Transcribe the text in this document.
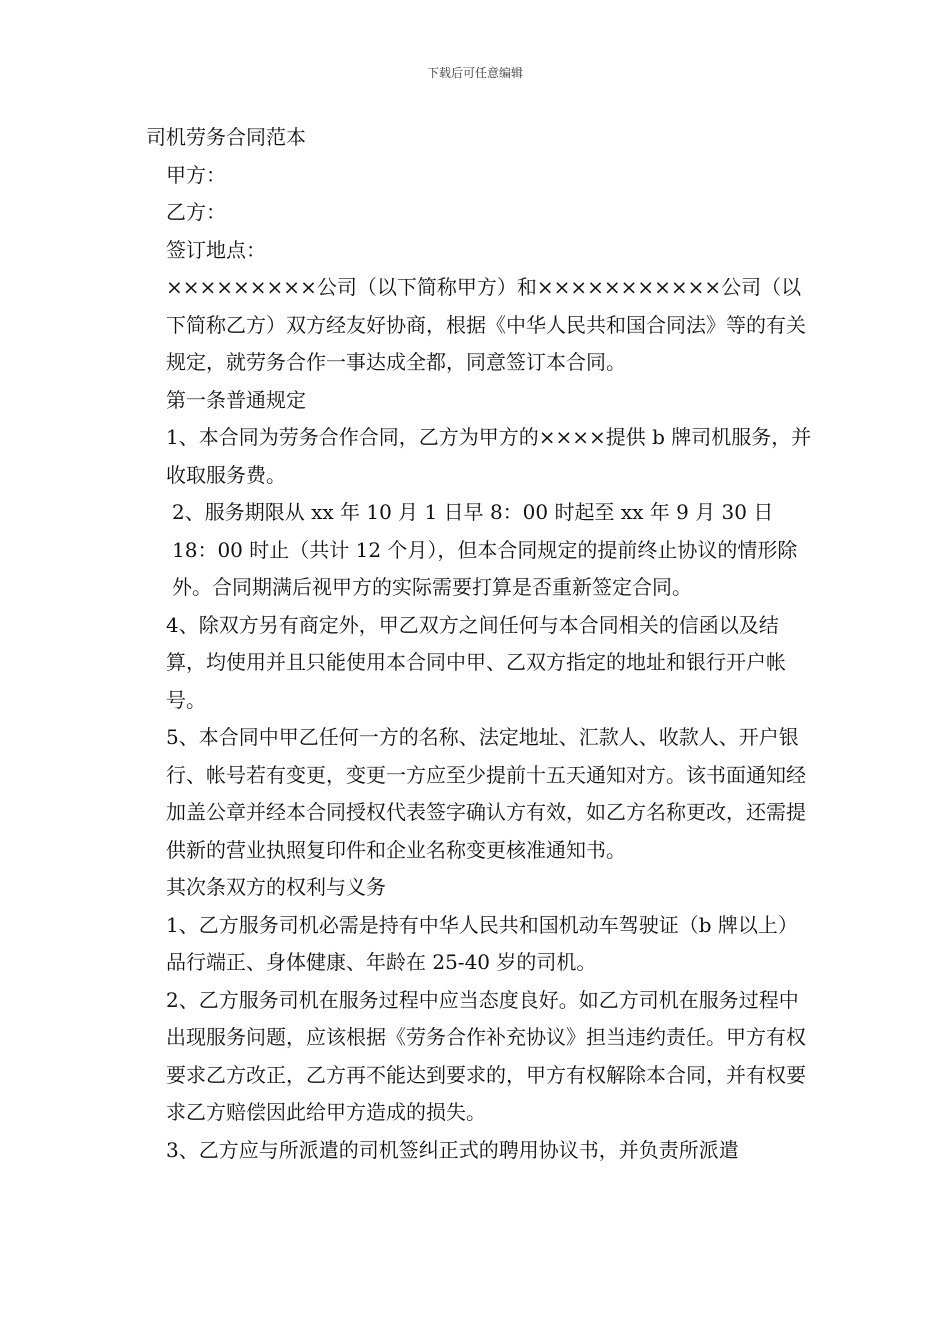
下载后可任意编辑

司机劳务合同范本

甲方：

乙方：

签订地点：

×××××××××公司（以下简称甲方）和×××××××××××公司（以下简称乙方）双方经友好协商，根据《中华人民共和国合同法》等的有关规定，就劳务合作一事达成全都，同意签订本合同。

第一条普通规定

1、本合同为劳务合作合同，乙方为甲方的××××提供 b 牌司机服务，并收取服务费。

2、服务期限从 xx 年 10 月 1 日早 8：00 时起至 xx 年 9 月 30 日 18：00 时止（共计 12 个月），但本合同规定的提前终止协议的情形除外。合同期满后视甲方的实际需要打算是否重新签定合同。

4、除双方另有商定外，甲乙双方之间任何与本合同相关的信函以及结算，均使用并且只能使用本合同中甲、乙双方指定的地址和银行开户帐号。

5、本合同中甲乙任何一方的名称、法定地址、汇款人、收款人、开户银行、帐号若有变更，变更一方应至少提前十五天通知对方。该书面通知经加盖公章并经本合同授权代表签字确认方有效，如乙方名称更改，还需提供新的营业执照复印件和企业名称变更核准通知书。

其次条双方的权利与义务

1、乙方服务司机必需是持有中华人民共和国机动车驾驶证（b 牌以上）品行端正、身体健康、年龄在 25-40 岁的司机。

2、乙方服务司机在服务过程中应当态度良好。如乙方司机在服务过程中出现服务问题，应该根据《劳务合作补充协议》担当违约责任。甲方有权要求乙方改正，乙方再不能达到要求的，甲方有权解除本合同，并有权要求乙方赔偿因此给甲方造成的损失。

3、乙方应与所派遣的司机签纠正式的聘用协议书，并负责所派遣
